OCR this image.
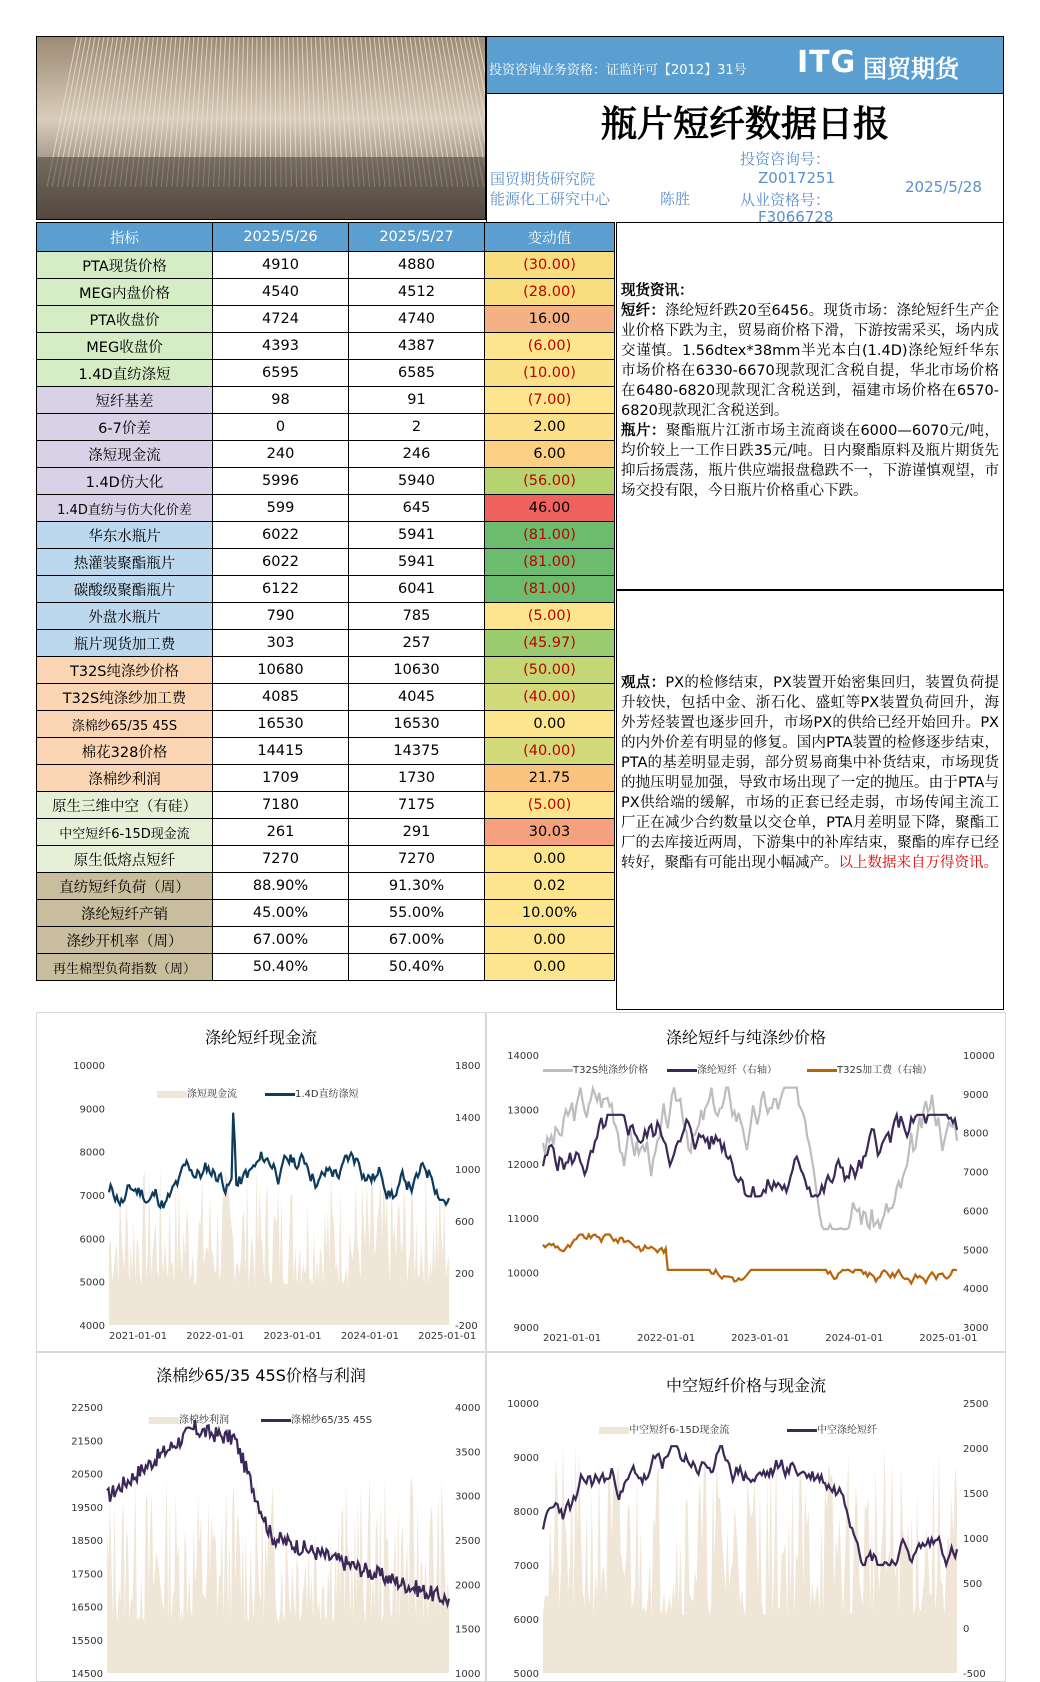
投资咨询业务资格：证监许可【2012】31号 ITG 国贸期货
瓶片短纤数据日报
国贸期货研究院
能源化工研究中心	陈胜
投资咨询号：
Z0017251
从业资格号：
F3066728
2025/5/28
指标	2025/5/26	2025/5/27	变动值
PTA现货价格	4910	4880	(30.00)
MEG内盘价格	4540	4512	(28.00)
PTA收盘价	4724	4740	16.00
MEG收盘价	4393	4387	(6.00)
1.4D直纺涤短	6595	6585	(10.00)
短纤基差	98	91	(7.00)
6-7价差	0	2	2.00
涤短现金流	240	246	6.00
1.4D仿大化	5996	5940	(56.00)
1.4D直纺与仿大化价差	599	645	46.00
华东水瓶片	6022	5941	(81.00)
热灌装聚酯瓶片	6022	5941	(81.00)
碳酸级聚酯瓶片	6122	6041	(81.00)
外盘水瓶片	790	785	(5.00)
瓶片现货加工费	303	257	(45.97)
T32S纯涤纱价格	10680	10630	(50.00)
T32S纯涤纱加工费	4085	4045	(40.00)
涤棉纱65/35 45S	16530	16530	0.00
棉花328价格	14415	14375	(40.00)
涤棉纱利润	1709	1730	21.75
原生三维中空（有硅）	7180	7175	(5.00)
中空短纤6-15D现金流	261	291	30.03
原生低熔点短纤	7270	7270	0.00
直纺短纤负荷（周）	88.90%	91.30%	0.02
涤纶短纤产销	45.00%	55.00%	10.00%
涤纱开机率（周）	67.00%	67.00%	0.00
再生棉型负荷指数（周）	50.40%	50.40%	0.00
现货资讯：
短纤：涤纶短纤跌20至6456。现货市场：涤纶短纤生产企业价格下跌为主，贸易商价格下滑，下游按需采买，场内成交谨慎。1.56dtex*38mm半光本白(1.4D)涤纶短纤华东市场价格在6330-6670现款现汇含税自提，华北市场价格在6480-6820现款现汇含税送到，福建市场价格在6570-6820现款现汇含税送到。
瓶片：聚酯瓶片江浙市场主流商谈在6000—6070元/吨，均价较上一工作日跌35元/吨。日内聚酯原料及瓶片期货先抑后扬震荡，瓶片供应端报盘稳跌不一，下游谨慎观望，市场交投有限，今日瓶片价格重心下跌。
观点：PX的检修结束，PX装置开始密集回归，装置负荷提升较快，包括中金、浙石化、盛虹等PX装置负荷回升，海外芳烃装置也逐步回升，市场PX的供给已经开始回升。PX的内外价差有明显的修复。国内PTA装置的检修逐步结束，PTA的基差明显走弱，部分贸易商集中补货结束，市场现货的抛压明显加强，导致市场出现了一定的抛压。由于PTA与PX供给端的缓解，市场的正套已经走弱，市场传闻主流工厂正在减少合约数量以交仓单，PTA月差明显下降，聚酯工厂的去库接近两周，下游集中的补库结束，聚酯的库存已经转好，聚酯有可能出现小幅减产。以上数据来自万得资讯。
涤纶短纤现金流
10000
9000
8000
7000
6000
5000
4000
1800
1400
1000
600
200
-200
2021-01-01 2022-01-01 2023-01-01 2024-01-01 2025-01-01
涤短现金流	1.4D直纺涤短
涤纶短纤与纯涤纱价格
14000
13000
12000
11000
10000
9000
10000
9000
8000
7000
6000
5000
4000
3000
2021-01-01	2022-01-01	2023-01-01	2024-01-01	2025-01-01
T32S纯涤纱价格	涤纶短纤（右轴）	T32S加工费（右轴）
涤棉纱65/35 45S价格与利润
22500
21500
20500
19500
18500
17500
16500
15500
14500
4000
3500
3000
2500
2000
1500
1000
涤棉纱利润	涤棉纱65/35 45S
中空短纤价格与现金流
10000
9000
8000
7000
6000
5000
2500
2000
1500
1000
500
0
-500
中空短纤6-15D现金流	中空涤纶短纤
